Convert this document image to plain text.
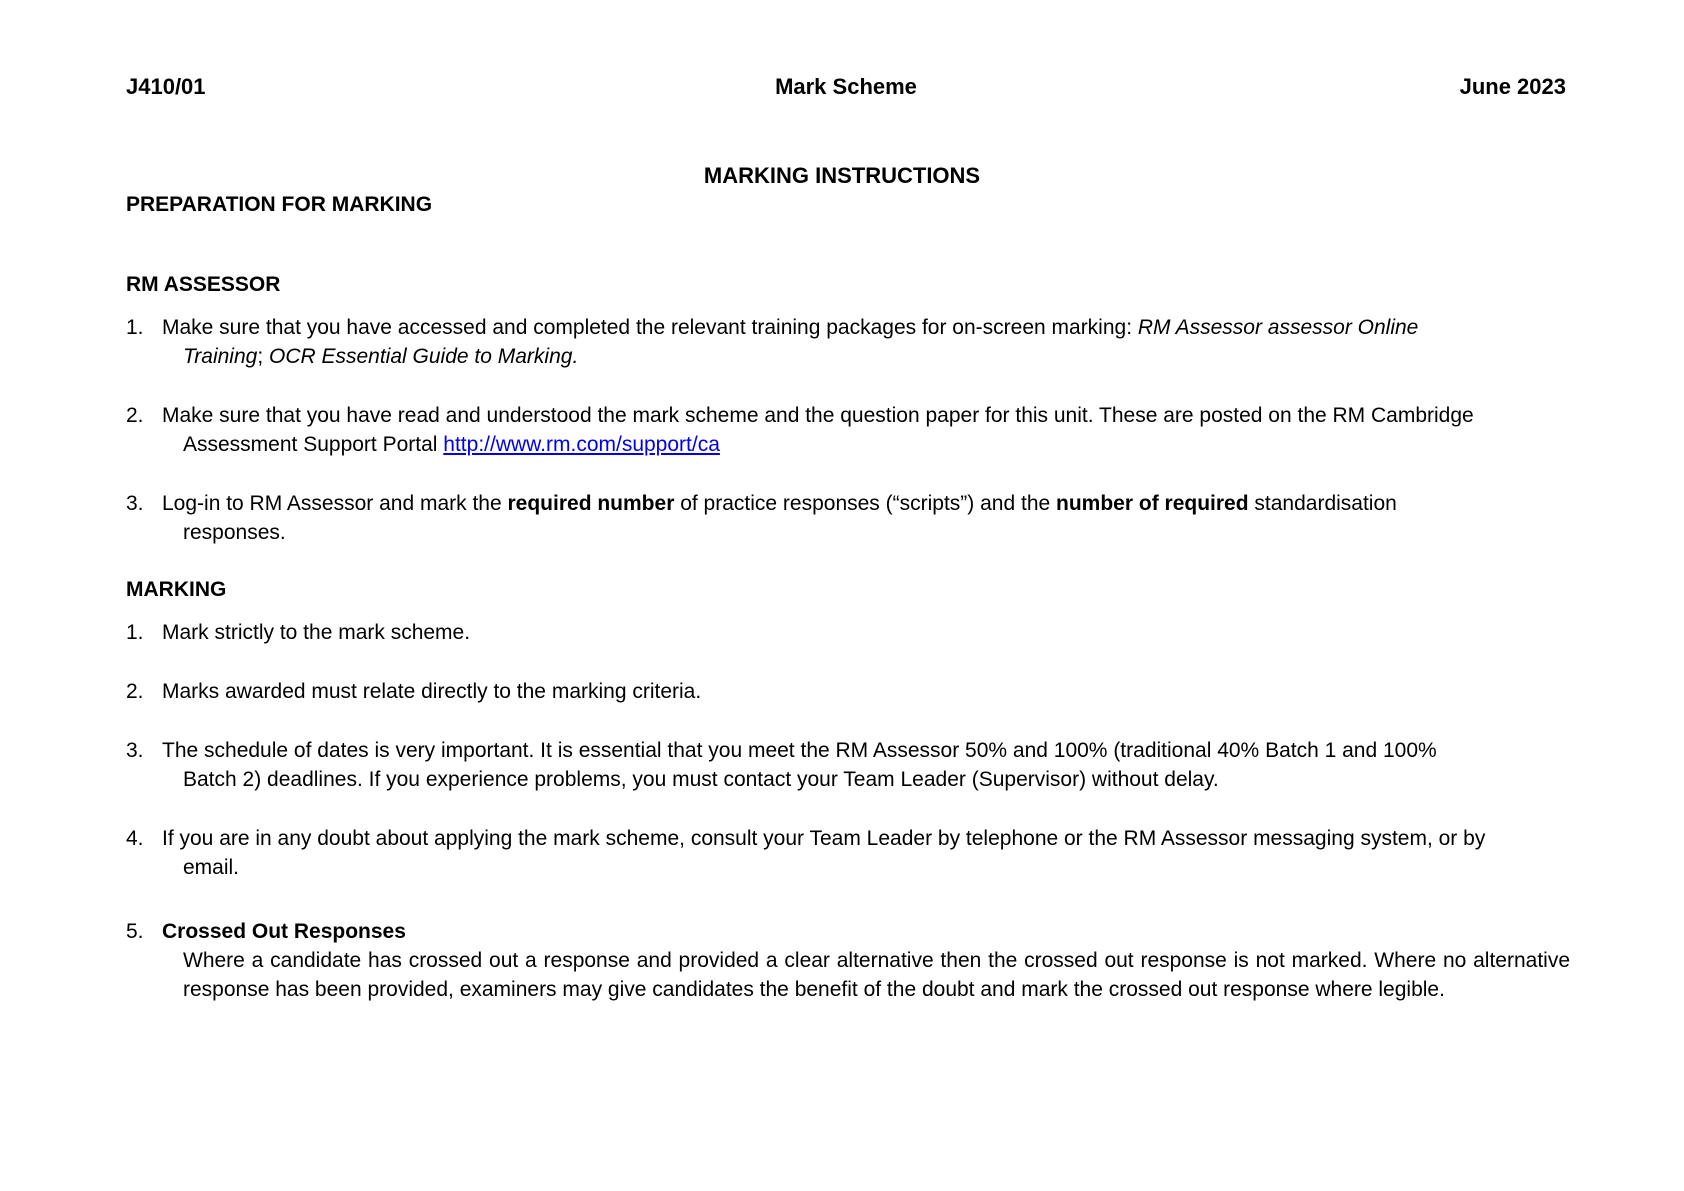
J410/01	Mark Scheme	June 2023
MARKING INSTRUCTIONS
PREPARATION FOR MARKING
RM ASSESSOR
1. Make sure that you have accessed and completed the relevant training packages for on-screen marking: RM Assessor assessor Online
Training; OCR Essential Guide to Marking.
2. Make sure that you have read and understood the mark scheme and the question paper for this unit. These are posted on the RM Cambridge
Assessment Support Portal http://www.rm.com/support/ca
3. Log-in to RM Assessor and mark the required number of practice responses (“scripts”) and the number of required standardisation
responses.
MARKING
1. Mark strictly to the mark scheme.
2. Marks awarded must relate directly to the marking criteria.
3. The schedule of dates is very important. It is essential that you meet the RM Assessor 50% and 100% (traditional 40% Batch 1 and 100%
Batch 2) deadlines. If you experience problems, you must contact your Team Leader (Supervisor) without delay.
4. If you are in any doubt about applying the mark scheme, consult your Team Leader by telephone or the RM Assessor messaging system, or by
email.
5. Crossed Out Responses
Where a candidate has crossed out a response and provided a clear alternative then the crossed out response is not marked. Where no alternative response has been provided, examiners may give candidates the benefit of the doubt and mark the crossed out response where legible.
